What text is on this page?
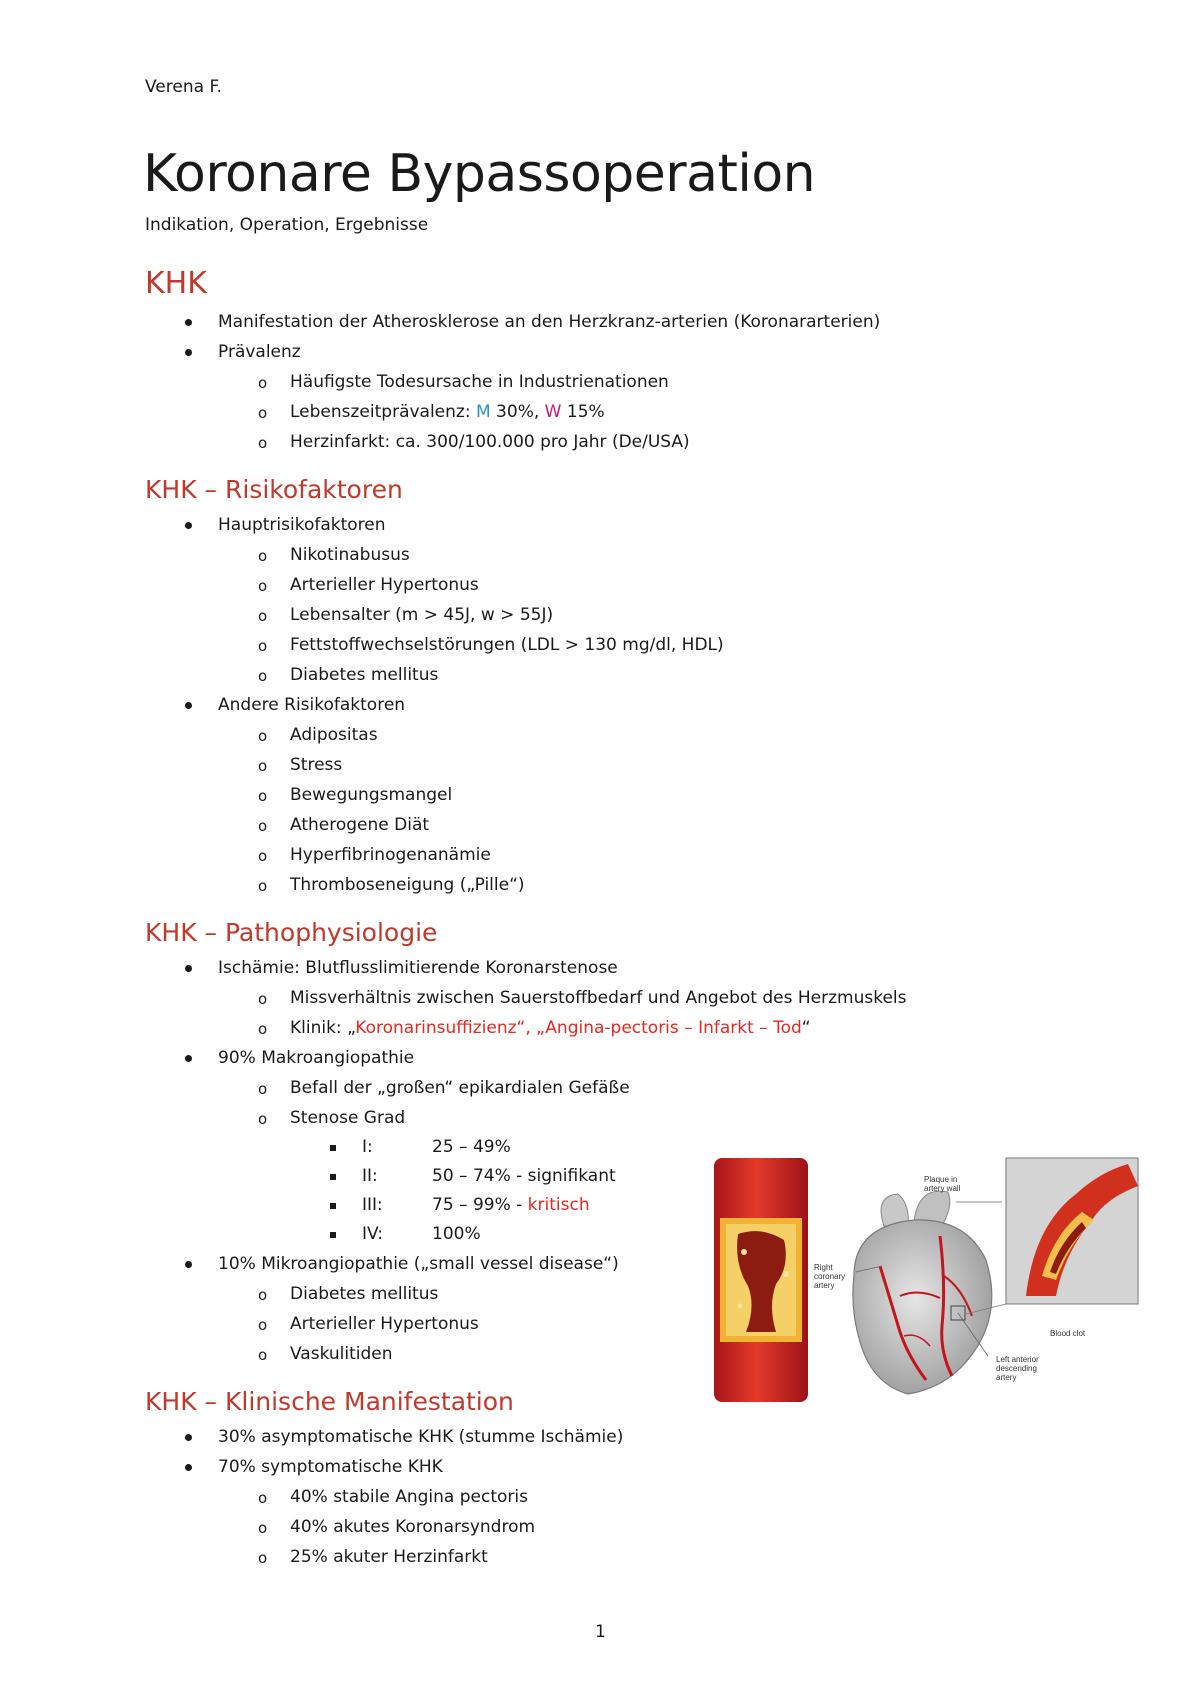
Verena F.
Koronare Bypassoperation
Indikation, Operation, Ergebnisse
KHK
Manifestation der Atherosklerose an den Herzkranz-arterien (Koronararterien)
Prävalenz
o Häufigste Todesursache in Industrienationen
o Lebenszeitprävalenz: M 30%, W 15%
o Herzinfarkt: ca. 300/100.000 pro Jahr (De/USA)
KHK – Risikofaktoren
Hauptrisikofaktoren
o Nikotinabusus
o Arterieller Hypertonus
o Lebensalter (m > 45J, w > 55J)
o Fettstoffwechselstörungen (LDL > 130 mg/dl, HDL)
o Diabetes mellitus
Andere Risikofaktoren
o Adipositas
o Stress
o Bewegungsmangel
o Atherogene Diät
o Hyperfibrinogenanämie
o Thromboseneigung („Pille“)
KHK – Pathophysiologie
Ischämie: Blutflusslimitierende Koronarstenose
o Missverhältnis zwischen Sauerstoffbedarf und Angebot des Herzmuskels
o Klinik: „Koronarinsuffizienz“, „Angina-pectoris – Infarkt – Tod“
90% Makroangiopathie
o Befall der „großen“ epikardialen Gefäße
o Stenose Grad
I:	25 – 49%
II:	50 – 74% - signifikant
III:	75 – 99% - kritisch
IV:	100%
10% Mikroangiopathie („small vessel disease“)
o Diabetes mellitus
o Arterieller Hypertonus
o Vaskulitiden
KHK – Klinische Manifestation
30% asymptomatische KHK (stumme Ischämie)
70% symptomatische KHK
o 40% stabile Angina pectoris
o 40% akutes Koronarsyndrom
o 25% akuter Herzinfarkt
Plaque in
artery wall
Right
coronary
artery
Blood clot
Left anterior
descending
artery
1
